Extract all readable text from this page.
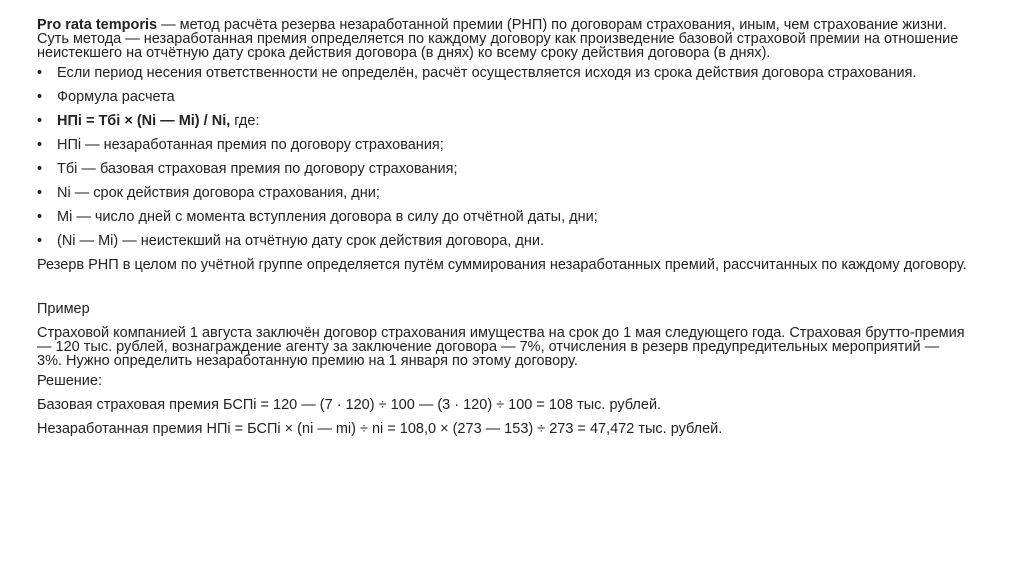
Pro rata temporis — метод расчёта резерва незаработанной премии (РНП) по договорам страхования, иным, чем страхование жизни. Суть метода — незаработанная премия определяется по каждому договору как произведение базовой страховой премии на отношение неистекшего на отчётную дату срока действия договора (в днях) ко всему сроку действия договора (в днях).

• Если период несения ответственности не определён, расчёт осуществляется исходя из срока действия договора страхования.
• Формула расчета
• НПi = Тбi × (Ni — Mi) / Ni, где:
• НПi — незаработанная премия по договору страхования;
• Тбi — базовая страховая премия по договору страхования;
• Ni — срок действия договора страхования, дни;
• Mi — число дней с момента вступления договора в силу до отчётной даты, дни;
• (Ni — Mi) — неистекший на отчётную дату срок действия договора, дни.

Резерв РНП в целом по учётной группе определяется путём суммирования незаработанных премий, рассчитанных по каждому договору.

Пример

Страховой компанией 1 августа заключён договор страхования имущества на срок до 1 мая следующего года. Страховая брутто-премия — 120 тыс. рублей, вознаграждение агенту за заключение договора — 7%, отчисления в резерв предупредительных мероприятий — 3%. Нужно определить незаработанную премию на 1 января по этому договору.

Решение:

Базовая страховая премия БСПi = 120 — (7 · 120) ÷ 100 — (3 · 120) ÷ 100 = 108 тыс. рублей.

Незаработанная премия НПi = БСПi × (ni — mi) ÷ ni = 108,0 × (273 — 153) ÷ 273 = 47,472 тыс. рублей.
